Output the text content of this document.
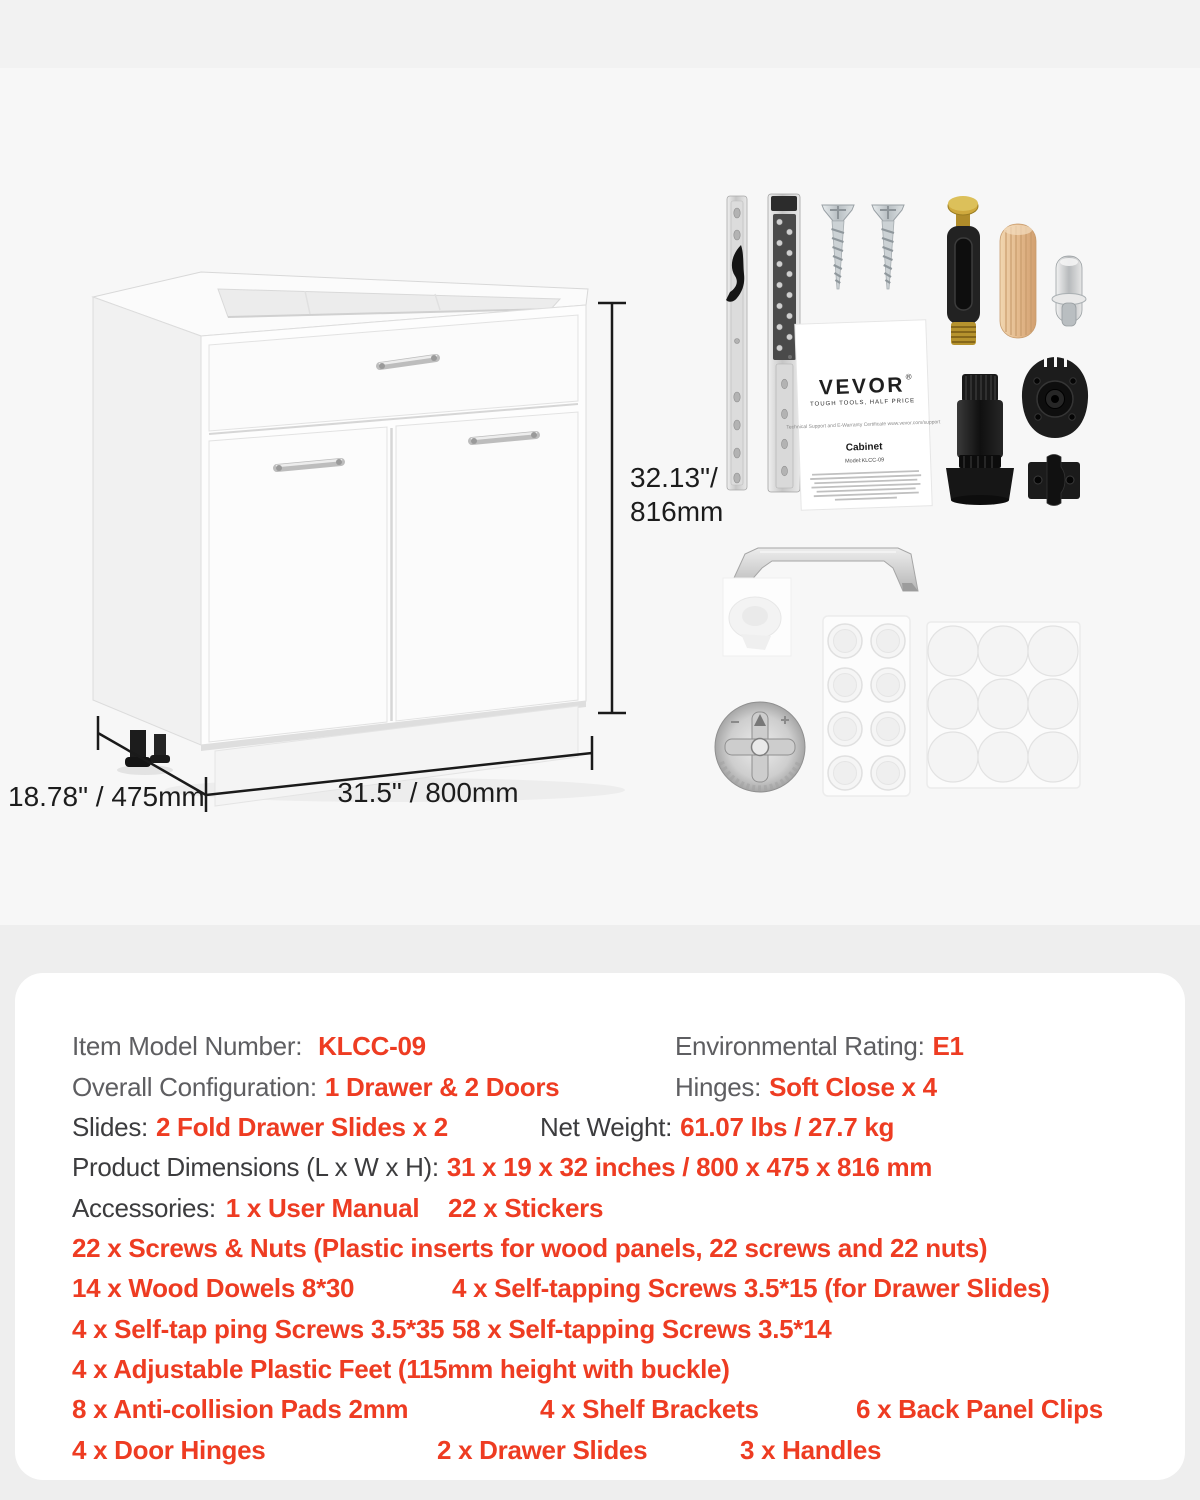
32.13"/
816mm
31.5" / 800mm
18.78" / 475mm
VEVOR ®
TOUGH TOOLS, HALF PRICE
Technical Support and E-Warranty Certificate www.vevor.com/support
Cabinet
Model:KLCC-09
Item Model Number: KLCC-09	Environmental Rating: E1
Overall Configuration: 1 Drawer & 2 Doors	Hinges: Soft Close x 4
Slides: 2 Fold Drawer Slides x 2	Net Weight: 61.07 lbs / 27.7 kg
Product Dimensions (L x W x H): 31 x 19 x 32 inches / 800 x 475 x 816 mm
Accessories: 1 x User Manual 22 x Stickers
22 x Screws & Nuts (Plastic inserts for wood panels, 22 screws and 22 nuts)
14 x Wood Dowels 8*30	4 x Self-tapping Screws 3.5*15 (for Drawer Slides)
4 x Self-tap ping Screws 3.5*35 58 x Self-tapping Screws 3.5*14
4 x Adjustable Plastic Feet (115mm height with buckle)
8 x Anti-collision Pads 2mm	4 x Shelf Brackets	6 x Back Panel Clips
4 x Door Hinges	2 x Drawer Slides	3 x Handles
